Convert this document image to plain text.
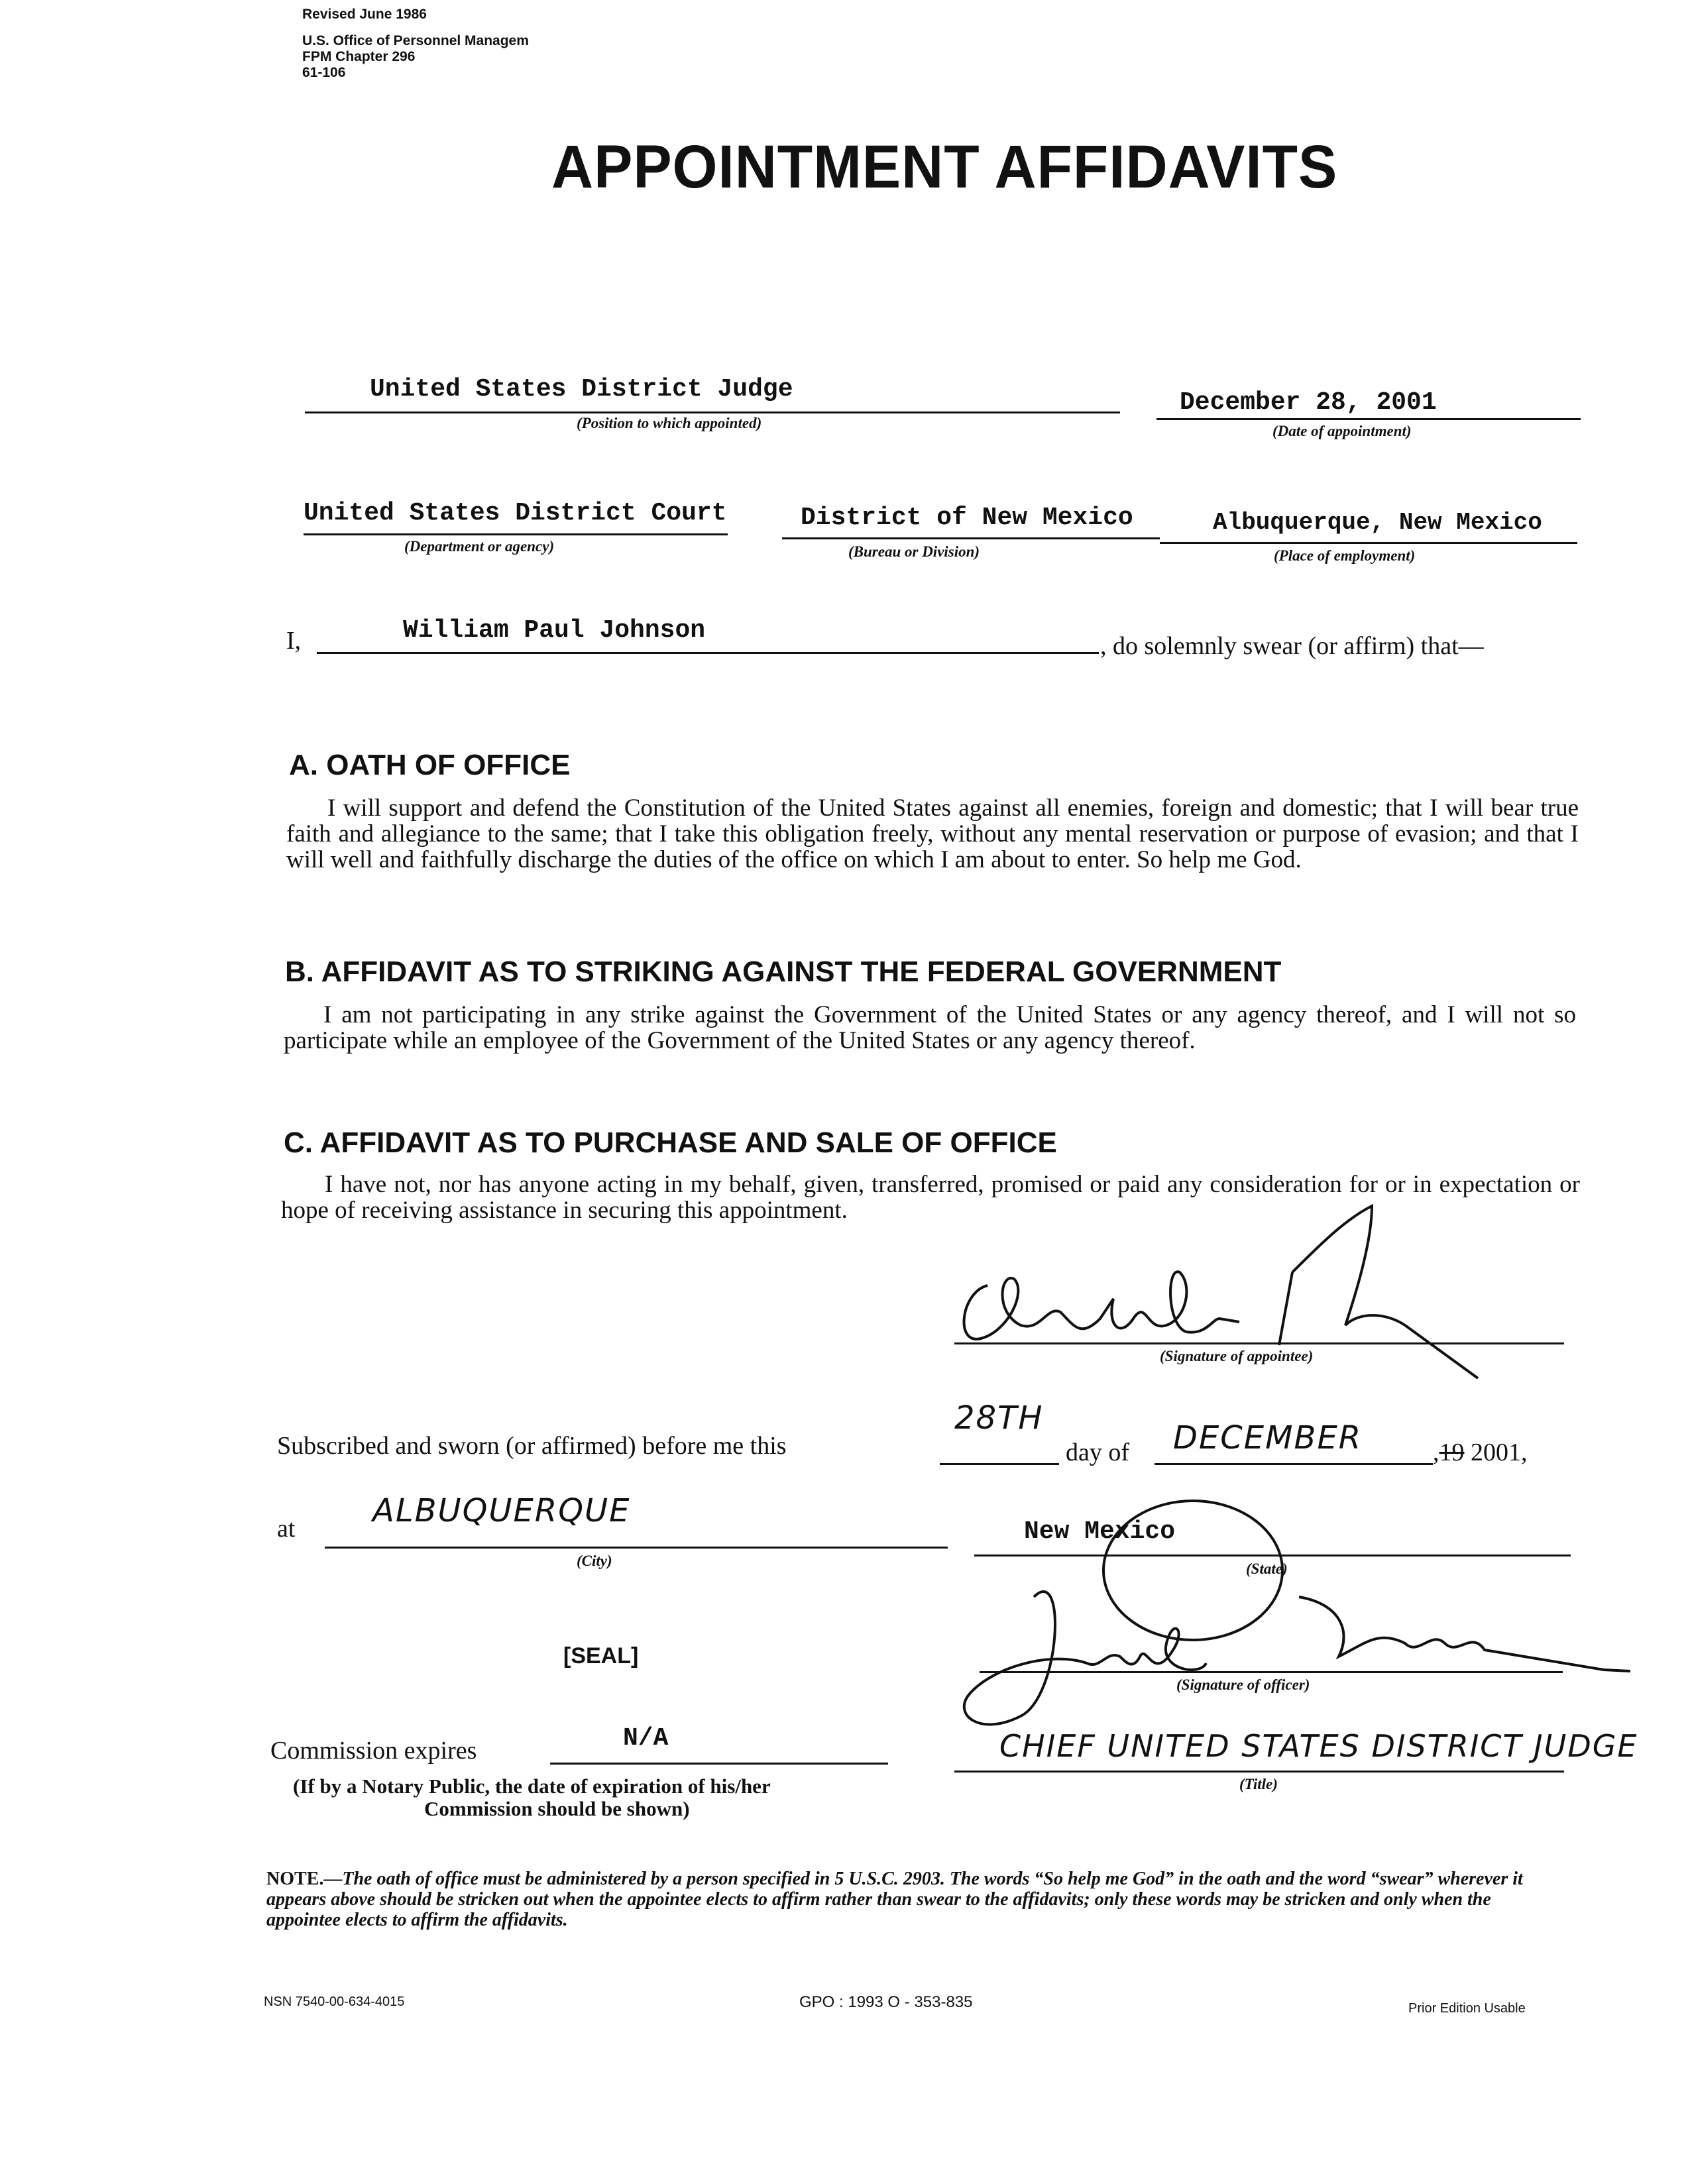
Revised June 1986
U.S. Office of Personnel Managem
FPM Chapter 296
61-106
APPOINTMENT AFFIDAVITS
United States District Judge
(Position to which appointed)
December 28, 2001
(Date of appointment)
United States District Court
(Department or agency)
District of New Mexico
(Bureau or Division)
Albuquerque, New Mexico
(Place of employment)
I,	William Paul Johnson
, do solemnly swear (or affirm) that—
A. OATH OF OFFICE
I will support and defend the Constitution of the United States against all enemies, foreign and domestic; that I will bear true faith and allegiance to the same; that I take this obligation freely, without any mental reservation or purpose of evasion; and that I will well and faithfully discharge the duties of the office on which I am about to enter. So help me God.
B. AFFIDAVIT AS TO STRIKING AGAINST THE FEDERAL GOVERNMENT
I am not participating in any strike against the Government of the United States or any agency thereof, and I will not so participate while an employee of the Government of the United States or any agency thereof.
C. AFFIDAVIT AS TO PURCHASE AND SALE OF OFFICE
I have not, nor has anyone acting in my behalf, given, transferred, promised or paid any consideration for or in expectation or hope of receiving assistance in securing this appointment.
(Signature of appointee)
Subscribed and sworn (or affirmed) before me this
28TH
day of DECEMBER	,19 2001,
at ALBUQUERQUE
(City)
New Mexico
(State)
[SEAL]
(Signature of officer)
Commission expires	N/A
(If by a Notary Public, the date of expiration of his/her
Commission should be shown)
CHIEF UNITED STATES DISTRICT JUDGE
(Title)
NOTE.—The oath of office must be administered by a person specified in 5 U.S.C. 2903. The words “So help me God” in the oath and the word “swear” wherever it appears above should be stricken out when the appointee elects to affirm rather than swear to the affidavits; only these words may be stricken and only when the appointee elects to affirm the affidavits.
NSN 7540-00-634-4015	GPO : 1993 O - 353-835	Prior Edition Usable
